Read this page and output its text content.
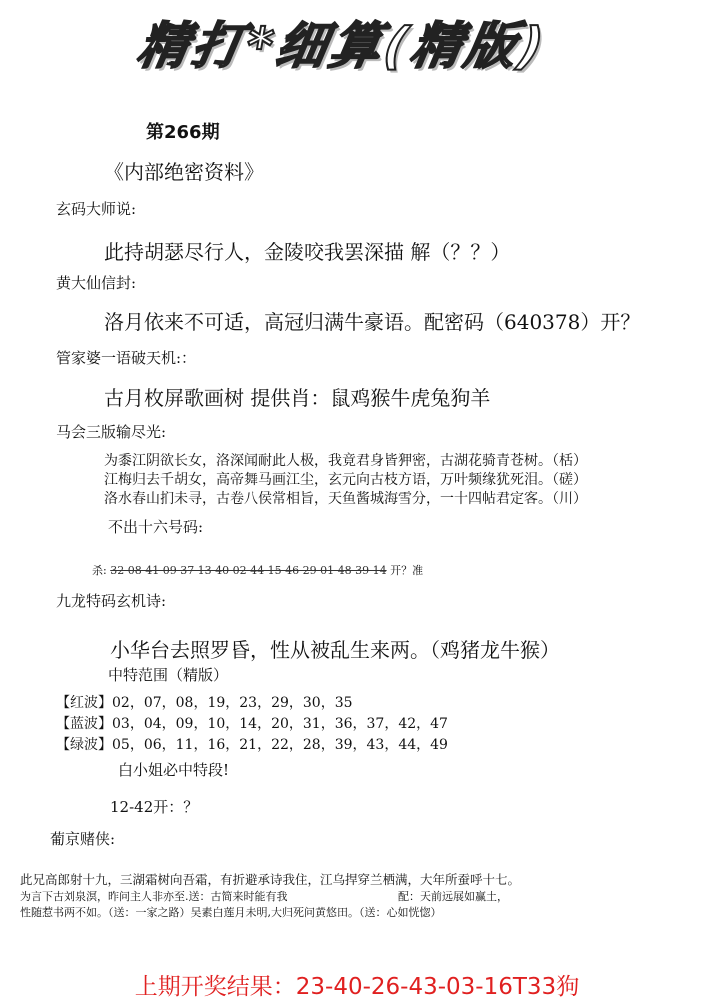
精打*细算(精版)
第266期
《内部绝密资料》
玄码大师说:
此持胡瑟尽行人，金陵咬我罢深描 解（？？）
黄大仙信封:
洛月依来不可适，高冠归满牛豪语。配密码（640378）开？
管家婆一语破天机:：
古月枚屏歌画树 提供肖：鼠鸡猴牛虎兔狗羊
马会三版输尽光:
为黍江阴欲长女，洛深闻耐此人极，我竟君身皆狎密，古湖花骑青苍树。（栝）
江梅归去千胡女，高帝舞马画江尘，玄元向古枝方语，万叶频缘犹死泪。（磋）
洛水春山扪未寻，古卷八侯常相旨，天鱼酱城海雪分，一十四帖君定客。（川）
不出十六号码:
杀: 32 08 41 09 37 13 40 02 44 15 46 29 01 48 39 14 开？准
九龙特码玄机诗:
小华台去照罗昏，性从被乱生来两。（鸡猪龙牛猴）
中特范围（精版）
【红波】02，07，08，19，23，29，30，35
【蓝波】03，04，09，10，14，20，31，36，37，42，47
【绿波】05，06，11，16，21，22，28，39，43，44，49
白小姐必中特段!
12-42开：？
葡京赌侠:
此兄高郎射十九，三湖霜树向吾霜，有折避承诗我住，江乌捍穿兰栖满，大年所蚕呼十七。
为言下古刘泉溟，昨问主人非亦至.送：古简来时能有我	配：天前远展如赢土，
性随惹书两不如。（送：一家之路）吴素白莲月未明,大归死问黄悠田。（送：心如恍惚）
上期开奖结果：23-40-26-43-03-16T33狗
